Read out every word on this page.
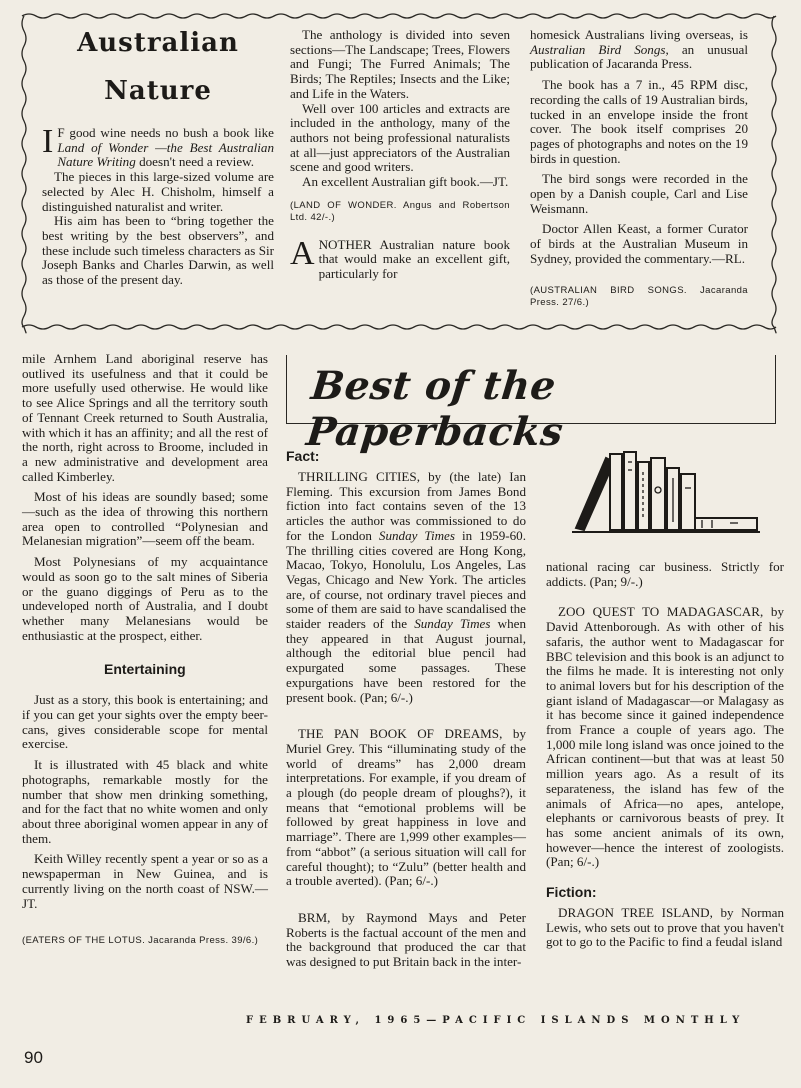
Australian
Nature

I F good wine needs no bush a book like Land of Wonder —the Best Australian Nature Writing doesn't need a review.

The pieces in this large-sized volume are selected by Alec H. Chisholm, himself a distinguished naturalist and writer.

His aim has been to “bring together the best writing by the best observers”, and these include such timeless characters as Sir Joseph Banks and Charles Darwin, as well as those of the present day.

The anthology is divided into seven sections—The Landscape; Trees, Flowers and Fungi; The Furred Animals; The Birds; The Reptiles; Insects and the Like; and Life in the Waters.

Well over 100 articles and extracts are included in the anthology, many of the authors not being professional naturalists at all—just appreciators of the Australian scene and good writers.

An excellent Australian gift book.—JT.

(LAND OF WONDER. Angus and Robertson Ltd. 42/-.)

ANOTHER Australian nature book that would make an excellent gift, particularly for

homesick Australians living overseas, is Australian Bird Songs, an unusual publication of Jacaranda Press.

The book has a 7 in., 45 RPM disc, recording the calls of 19 Australian birds, tucked in an envelope inside the front cover. The book itself comprises 20 pages of photographs and notes on the 19 birds in question.

The bird songs were recorded in the open by a Danish couple, Carl and Lise Weismann.

Doctor Allen Keast, a former Curator of birds at the Australian Museum in Sydney, provided the commentary.—RL.

(AUSTRALIAN BIRD SONGS. Jacaranda Press. 27/6.)

mile Arnhem Land aboriginal reserve has outlived its usefulness and that it could be more usefully used otherwise. He would like to see Alice Springs and all the territory south of Tennant Creek returned to South Australia, with which it has an affinity; and all the rest of the north, right across to Broome, included in a new administrative and development area called Kimberley.

Most of his ideas are soundly based; some—such as the idea of throwing this northern area open to controlled “Polynesian and Melanesian migration”—seem off the beam.

Most Polynesians of my acquaintance would as soon go to the salt mines of Siberia or the guano diggings of Peru as to the undeveloped north of Australia, and I doubt whether many Melanesians would be enthusiastic at the prospect, either.

Entertaining

Just as a story, this book is entertaining; and if you can get your sights over the empty beer-cans, gives considerable scope for mental exercise.

It is illustrated with 45 black and white photographs, remarkable mostly for the number that show men drinking something, and for the fact that no white women and only about three aboriginal women appear in any of them.

Keith Willey recently spent a year or so as a newspaperman in New Guinea, and is currently living on the north coast of NSW.—JT.

(EATERS OF THE LOTUS. Jacaranda Press. 39/6.)

Best of the Paperbacks
Fact:

THRILLING CITIES, by (the late) Ian Fleming. This excursion from James Bond fiction into fact contains seven of the 13 articles the author was commissioned to do for the London Sunday Times in 1959-60. The thrilling cities covered are Hong Kong, Macao, Tokyo, Honolulu, Los Angeles, Las Vegas, Chicago and New York. The articles are, of course, not ordinary travel pieces and some of them are said to have scandalised the staider readers of the Sunday Times when they appeared in that August journal, although the editorial blue pencil had expurgated some passages. These expurgations have been restored for the present book. (Pan; 6/-.)

THE PAN BOOK OF DREAMS, by Muriel Grey. This “illuminating study of the world of dreams” has 2,000 dream interpretations. For example, if you dream of a plough (do people dream of ploughs?), it means that “emotional problems will be followed by great happiness in love and marriage”. There are 1,999 other examples—from “abbot” (a serious situation will call for careful thought); to “Zulu” (better health and a trouble averted). (Pan; 6/-.)

BRM, by Raymond Mays and Peter Roberts is the factual account of the men and the background that produced the car that was designed to put Britain back in the inter-

national racing car business. Strictly for addicts. (Pan; 9/-.)

ZOO QUEST TO MADAGASCAR, by David Attenborough. As with other of his safaris, the author went to Madagascar for BBC television and this book is an adjunct to the films he made. It is interesting not only to animal lovers but for his description of the giant island of Madagascar—or Malagasy as it has become since it gained independence from France a couple of years ago. The 1,000 mile long island was once joined to the African continent—but that was at least 50 million years ago. As a result of its separateness, the island has few of the animals of Africa—no apes, antelope, elephants or carnivorous beasts of prey. It has some ancient animals of its own, however—hence the interest of zoologists. (Pan; 6/-.)

Fiction:

DRAGON TREE ISLAND, by Norman Lewis, who sets out to prove that you haven't got to go to the Pacific to find a feudal island

90
FEBRUARY, 1965—PACIFIC ISLANDS MONTHLY
